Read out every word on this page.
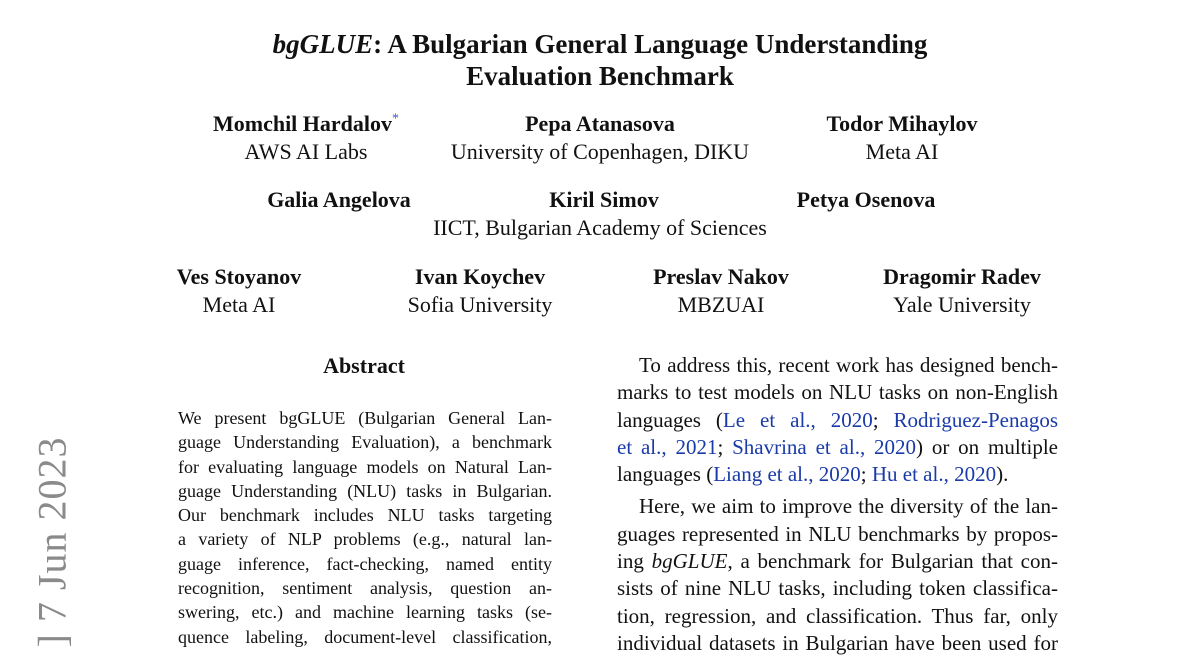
bgGLUE: A Bulgarian General Language Understanding
Evaluation Benchmark
Momchil Hardalov*
AWS AI Labs
Pepa Atanasova
University of Copenhagen, DIKU
Todor Mihaylov
Meta AI
Galia Angelova	Kiril Simov	Petya Osenova
IICT, Bulgarian Academy of Sciences
Ves Stoyanov
Meta AI
Ivan Koychev
Sofia University
Preslav Nakov
MBZUAI
Dragomir Radev
Yale University
Abstract
We present bgGLUE (Bulgarian General Lan-
guage Understanding Evaluation), a benchmark
for evaluating language models on Natural Lan-
guage Understanding (NLU) tasks in Bulgarian.
Our benchmark includes NLU tasks targeting
a variety of NLP problems (e.g., natural lan-
guage inference, fact-checking, named entity
recognition, sentiment analysis, question an-
swering, etc.) and machine learning tasks (se-
quence labeling, document-level classification,
To address this, recent work has designed bench-
marks to test models on NLU tasks on non-English
languages (Le et al., 2020; Rodriguez-Penagos
et al., 2021; Shavrina et al., 2020) or on multiple
languages (Liang et al., 2020; Hu et al., 2020).
Here, we aim to improve the diversity of the lan-
guages represented in NLU benchmarks by propos-
ing bgGLUE, a benchmark for Bulgarian that con-
sists of nine NLU tasks, including token classifica-
tion, regression, and classification. Thus far, only
individual datasets in Bulgarian have been used for
] 7 Jun 2023
